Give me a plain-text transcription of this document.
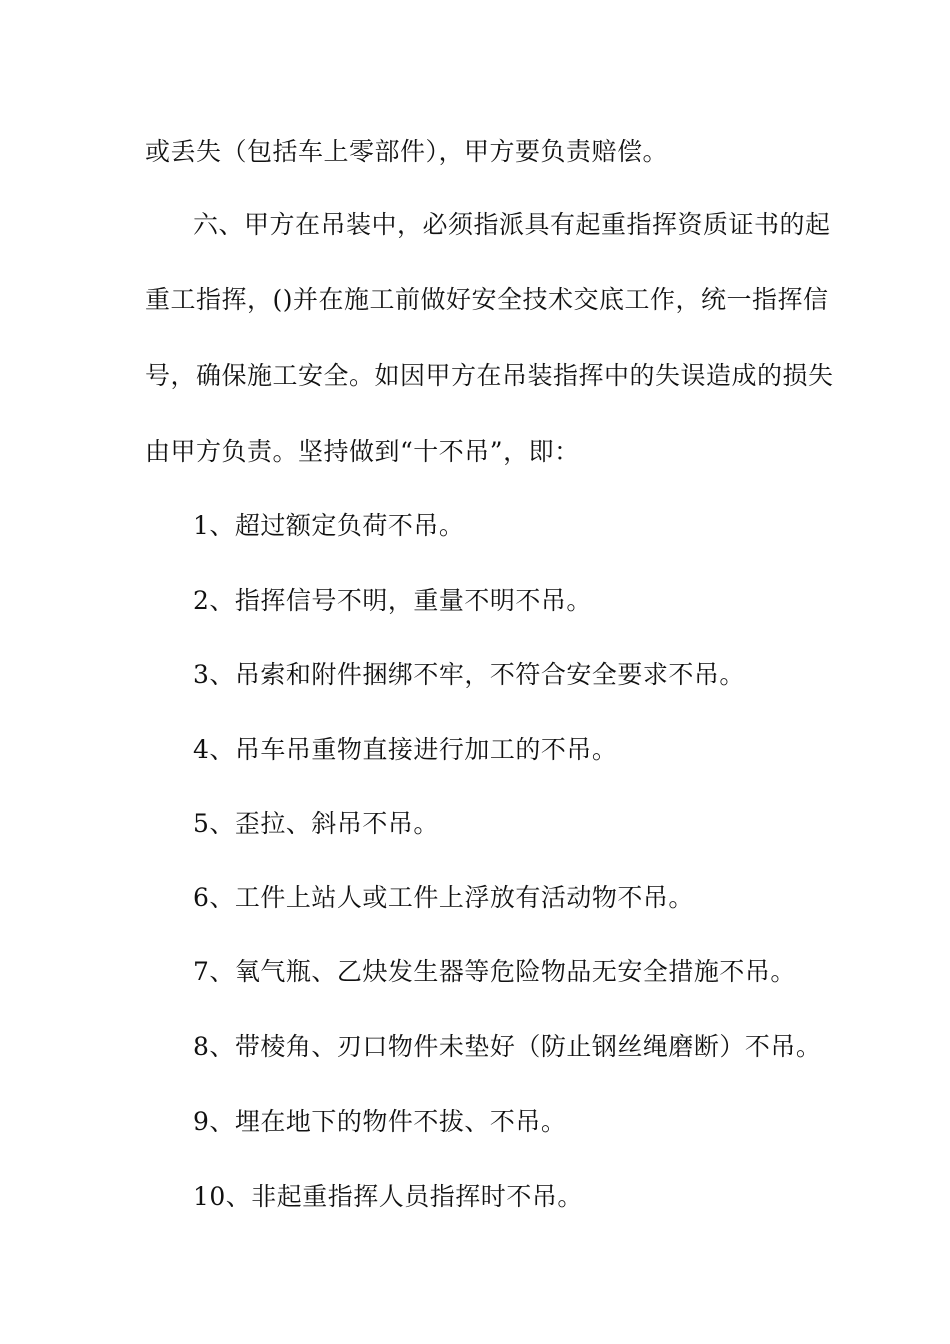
或丢失（包括车上零部件），甲方要负责赔偿。
六、甲方在吊装中，必须指派具有起重指挥资质证书的起
重工指挥，()并在施工前做好安全技术交底工作，统一指挥信
号，确保施工安全。如因甲方在吊装指挥中的失误造成的损失
由甲方负责。坚持做到“十不吊”，即：
1、超过额定负荷不吊。
2、指挥信号不明，重量不明不吊。
3、吊索和附件捆绑不牢，不符合安全要求不吊。
4、吊车吊重物直接进行加工的不吊。
5、歪拉、斜吊不吊。
6、工件上站人或工件上浮放有活动物不吊。
7、氧气瓶、乙炔发生器等危险物品无安全措施不吊。
8、带棱角、刃口物件未垫好（防止钢丝绳磨断）不吊。
9、埋在地下的物件不拔、不吊。
10、非起重指挥人员指挥时不吊。
